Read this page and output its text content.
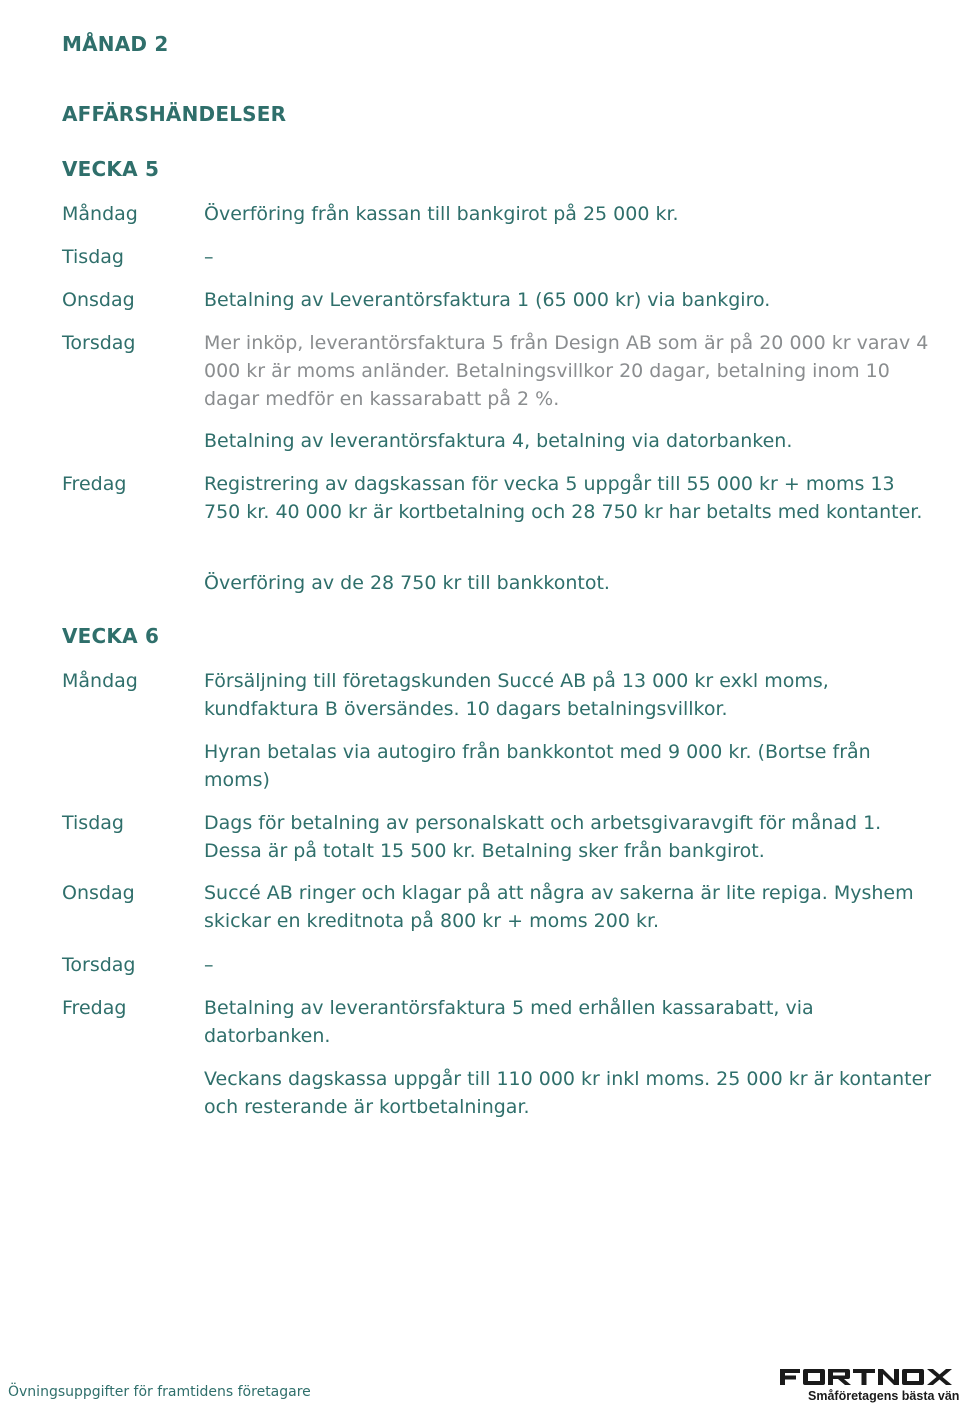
MÅNAD 2
AFFÄRSHÄNDELSER
VECKA 5
Måndag	Överföring från kassan till bankgirot på 25 000 kr.

Tisdag	–

Onsdag	Betalning av Leverantörsfaktura 1 (65 000 kr) via bankgiro.

Torsdag	Mer inköp, leverantörsfaktura 5 från Design AB som är på 20 000 kr varav 4 000 kr är moms anländer. Betalningsvillkor 20 dagar, betalning inom 10 dagar medför en kassarabatt på 2 %.

Betalning av leverantörsfaktura 4, betalning via datorbanken.

Fredag	Registrering av dagskassan för vecka 5 uppgår till 55 000 kr + moms 13 750 kr. 40 000 kr är kortbetalning och 28 750 kr har betalts med kontanter.

Överföring av de 28 750 kr till bankkontot.

VECKA 6
Måndag	Försäljning till företagskunden Succé AB på 13 000 kr exkl moms, kundfaktura B översändes. 10 dagars betalningsvillkor.

Hyran betalas via autogiro från bankkontot med 9 000 kr. (Bortse från moms)

Tisdag	Dags för betalning av personalskatt och arbetsgivaravgift för månad 1. Dessa är på totalt 15 500 kr. Betalning sker från bankgirot.

Onsdag	Succé AB ringer och klagar på att några av sakerna är lite repiga. Myshem skickar en kreditnota på 800 kr + moms 200 kr.

Torsdag	–

Fredag	Betalning av leverantörsfaktura 5 med erhållen kassarabatt, via datorbanken.

Veckans dagskassa uppgår till 110 000 kr inkl moms. 25 000 kr är kontanter och resterande är kortbetalningar.

Övningsuppgifter för framtidens företagare	Småföretagens bästa vän
